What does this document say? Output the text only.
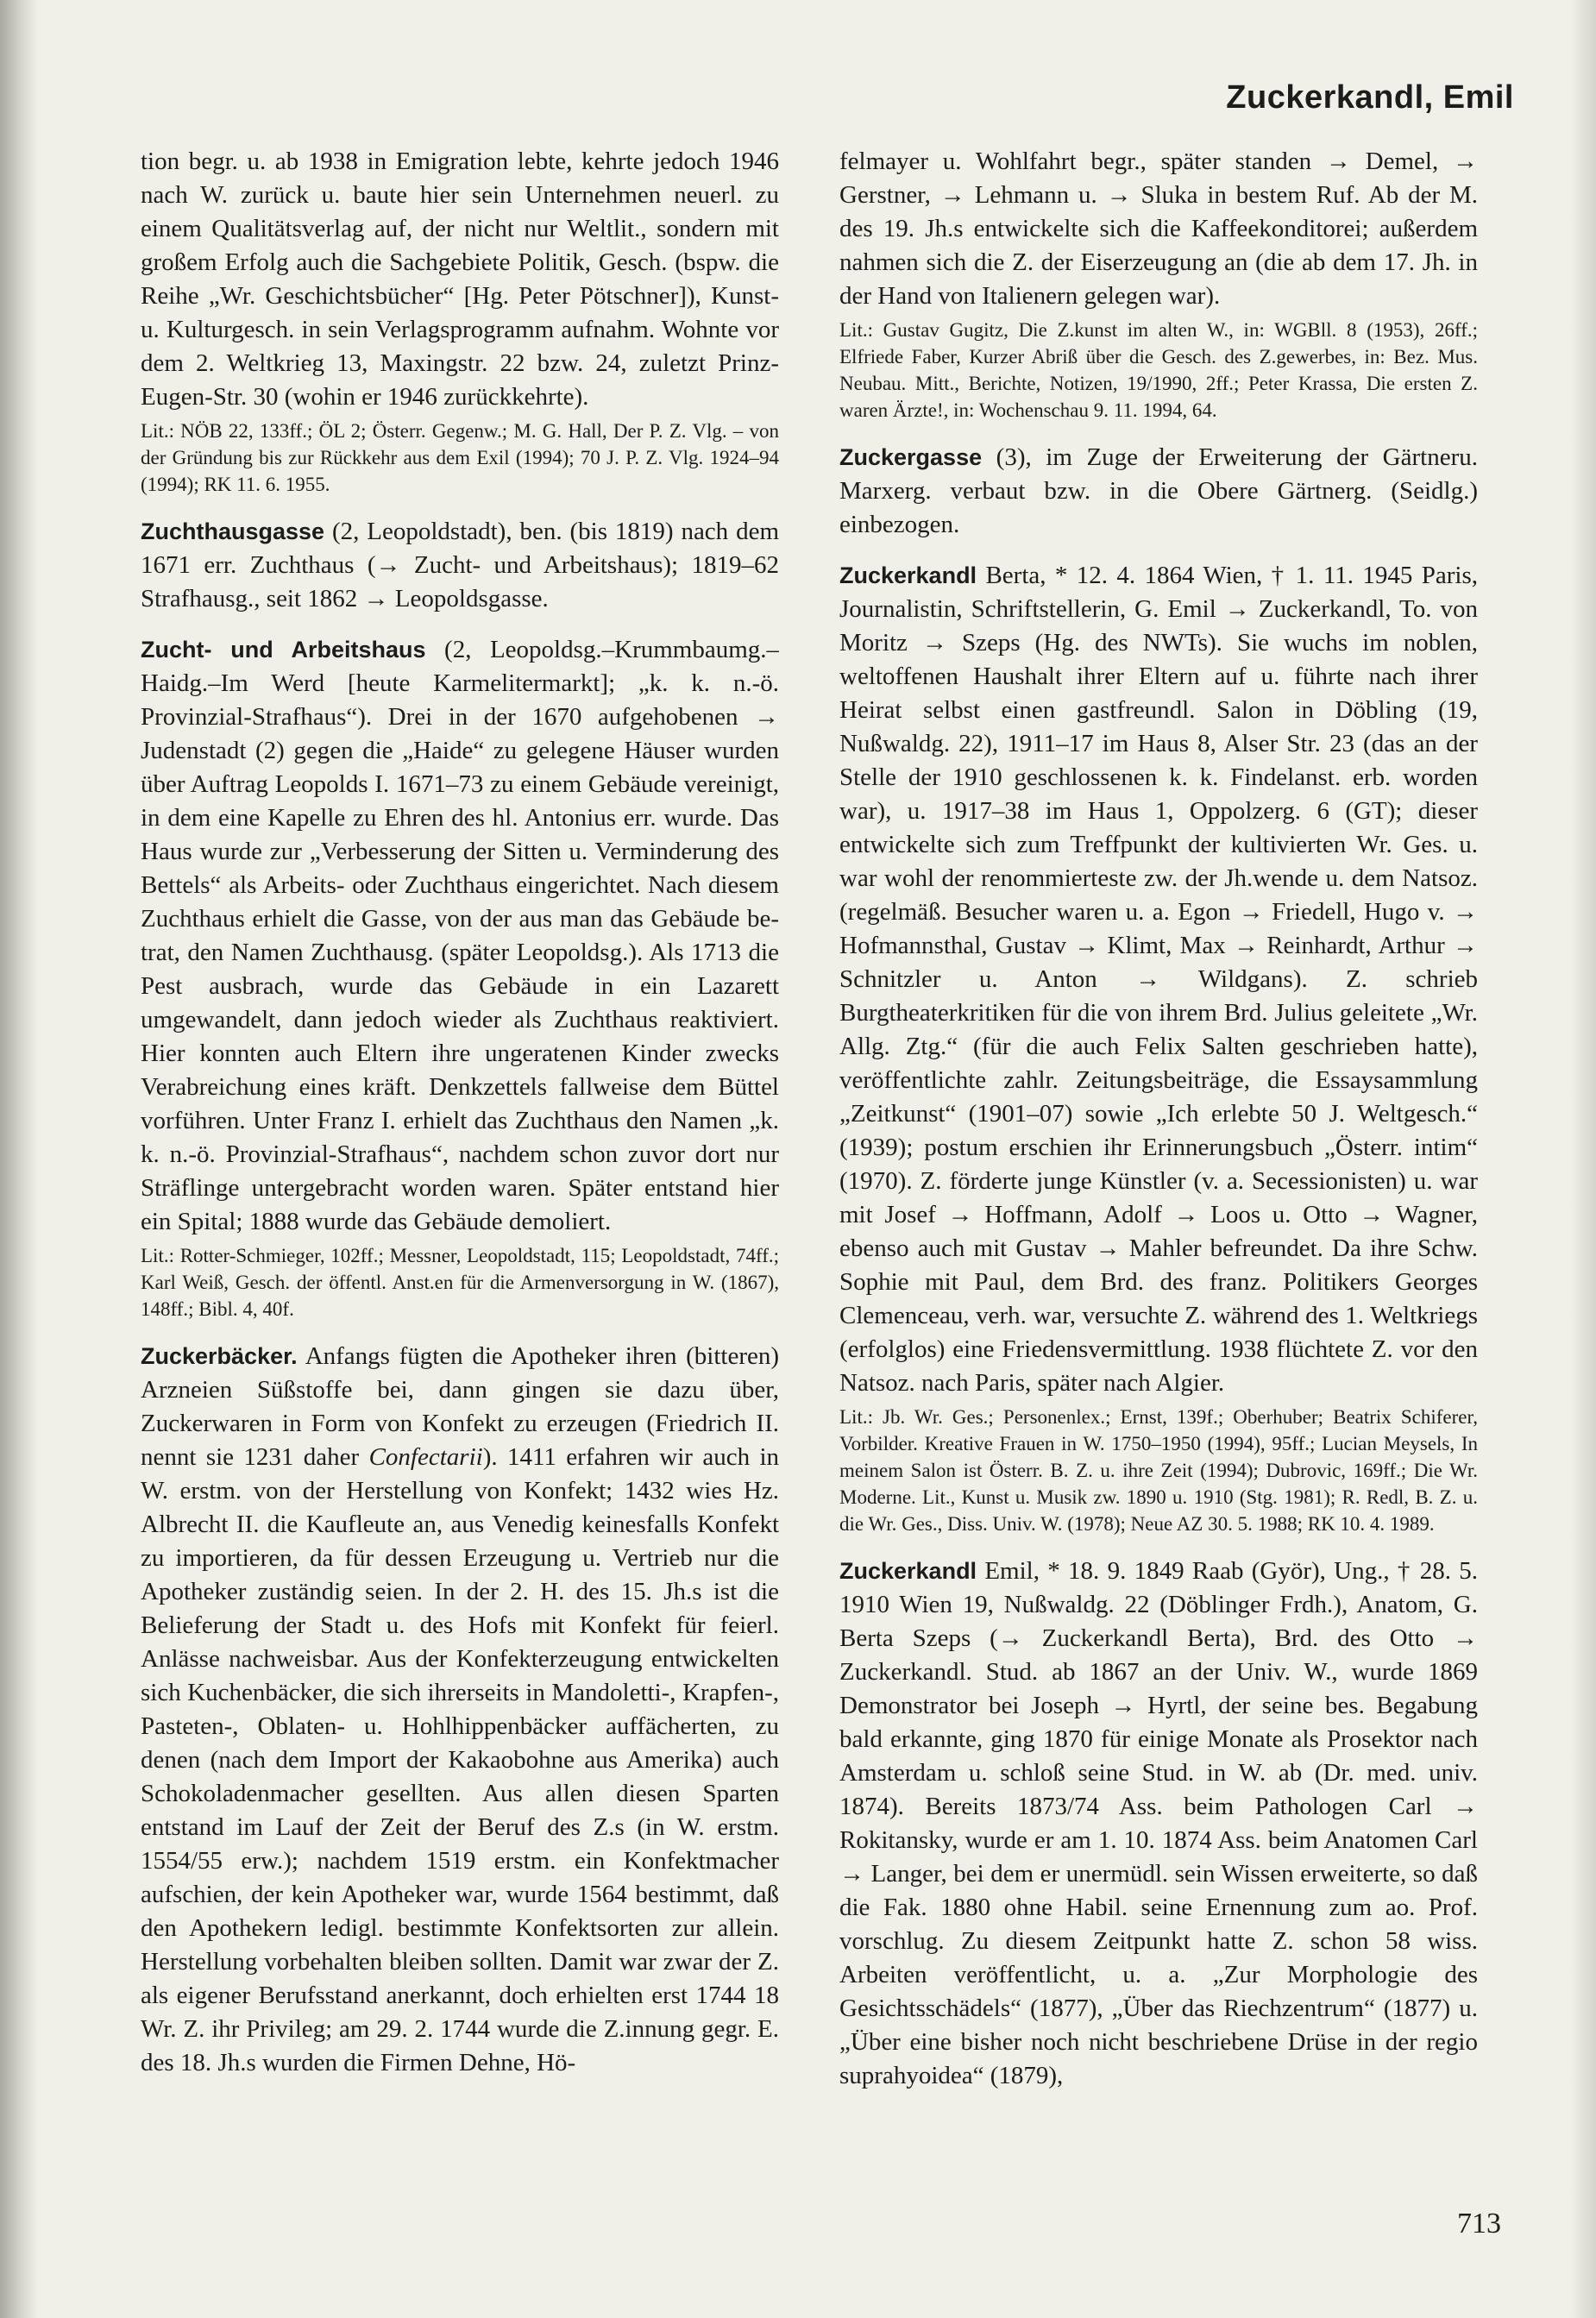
Zuckerkandl, Emil

tion begr. u. ab 1938 in Emigration lebte, kehrte jedoch 1946 nach W. zurück u. baute hier sein Unternehmen neuerl. zu einem Qualitätsverlag auf, der nicht nur Weltlit., sondern mit großem Erfolg auch die Sachgebiete Politik, Gesch. (bspw. die Reihe „Wr. Geschichtsbücher“ [Hg. Peter Pötschner]), Kunst- u. Kulturgesch. in sein Verlagsprogramm aufnahm. Wohnte vor dem 2. Weltkrieg 13, Maxingstr. 22 bzw. 24, zuletzt Prinz-Eugen-Str. 30 (wohin er 1946 zurückkehrte).

Lit.: NÖB 22, 133ff.; ÖL 2; Österr. Gegenw.; M. G. Hall, Der P. Z. Vlg. – von der Gründung bis zur Rückkehr aus dem Exil (1994); 70 J. P. Z. Vlg. 1924–94 (1994); RK 11. 6. 1955.

Zuchthausgasse (2, Leopoldstadt), ben. (bis 1819) nach dem 1671 err. Zuchthaus (→ Zucht- und Arbeitshaus); 1819–62 Strafhausg., seit 1862 → Leopoldsgasse.

Zucht- und Arbeitshaus (2, Leopoldsg.–Krummbaumg.–Haidg.–Im Werd [heute Karmelitermarkt]; „k. k. n.-ö. Provinzial-Strafhaus“). Drei in der 1670 aufgehobenen → Judenstadt (2) gegen die „Haide“ zu gelegene Häuser wurden über Auftrag Leopolds I. 1671–73 zu einem Gebäude vereinigt, in dem eine Kapelle zu Ehren des hl. Antonius err. wurde. Das Haus wurde zur „Verbesserung der Sitten u. Verminderung des Bettels“ als Arbeits- oder Zuchthaus eingerichtet. Nach diesem Zuchthaus erhielt die Gasse, von der aus man das Gebäude betrat, den Namen Zuchthausg. (später Leopoldsg.). Als 1713 die Pest ausbrach, wurde das Gebäude in ein Lazarett umgewandelt, dann jedoch wieder als Zuchthaus reaktiviert. Hier konnten auch Eltern ihre ungeratenen Kinder zwecks Verabreichung eines kräft. Denkzettels fallweise dem Büttel vorführen. Unter Franz I. erhielt das Zuchthaus den Namen „k. k. n.-ö. Provinzial-Strafhaus“, nachdem schon zuvor dort nur Sträflinge untergebracht worden waren. Später entstand hier ein Spital; 1888 wurde das Gebäude demoliert.

Lit.: Rotter-Schmieger, 102ff.; Messner, Leopoldstadt, 115; Leopoldstadt, 74ff.; Karl Weiß, Gesch. der öffentl. Anst.en für die Armenversorgung in W. (1867), 148ff.; Bibl. 4, 40f.

Zuckerbäcker. Anfangs fügten die Apotheker ihren (bitteren) Arzneien Süßstoffe bei, dann gingen sie dazu über, Zuckerwaren in Form von Konfekt zu erzeugen (Friedrich II. nennt sie 1231 daher Confectarii). 1411 erfahren wir auch in W. erstm. von der Herstellung von Konfekt; 1432 wies Hz. Albrecht II. die Kaufleute an, aus Venedig keinesfalls Konfekt zu importieren, da für dessen Erzeugung u. Vertrieb nur die Apotheker zuständig seien. In der 2. H. des 15. Jh.s ist die Belieferung der Stadt u. des Hofs mit Konfekt für feierl. Anlässe nachweisbar. Aus der Konfekterzeugung entwickelten sich Kuchenbäcker, die sich ihrerseits in Mandoletti-, Krapfen-, Pasteten-, Oblaten- u. Hohlhippenbäcker auffächerten, zu denen (nach dem Import der Kakaobohne aus Amerika) auch Schokoladenmacher gesellten. Aus allen diesen Sparten entstand im Lauf der Zeit der Beruf des Z.s (in W. erstm. 1554/55 erw.); nachdem 1519 erstm. ein Konfektmacher aufschien, der kein Apotheker war, wurde 1564 bestimmt, daß den Apothekern ledigl. bestimmte Konfektsorten zur allein. Herstellung vorbehalten bleiben sollten. Damit war zwar der Z. als eigener Berufsstand anerkannt, doch erhielten erst 1744 18 Wr. Z. ihr Privileg; am 29. 2. 1744 wurde die Z.innung gegr. E. des 18. Jh.s wurden die Firmen Dehne, Hö-

felmayer u. Wohlfahrt begr., später standen → Demel, → Gerstner, → Lehmann u. → Sluka in bestem Ruf. Ab der M. des 19. Jh.s entwickelte sich die Kaffeekonditorei; außerdem nahmen sich die Z. der Eiserzeugung an (die ab dem 17. Jh. in der Hand von Italienern gelegen war).

Lit.: Gustav Gugitz, Die Z.kunst im alten W., in: WGBll. 8 (1953), 26ff.; Elfriede Faber, Kurzer Abriß über die Gesch. des Z.gewerbes, in: Bez. Mus. Neubau. Mitt., Berichte, Notizen, 19/1990, 2ff.; Peter Krassa, Die ersten Z. waren Ärzte!, in: Wochenschau 9. 11. 1994, 64.

Zuckergasse (3), im Zuge der Erweiterung der Gärtneru. Marxerg. verbaut bzw. in die Obere Gärtnerg. (Seidlg.) einbezogen.

Zuckerkandl Berta, * 12. 4. 1864 Wien, † 1. 11. 1945 Paris, Journalistin, Schriftstellerin, G. Emil → Zuckerkandl, To. von Moritz → Szeps (Hg. des NWTs). Sie wuchs im noblen, weltoffenen Haushalt ihrer Eltern auf u. führte nach ihrer Heirat selbst einen gastfreundl. Salon in Döbling (19, Nußwaldg. 22), 1911–17 im Haus 8, Alser Str. 23 (das an der Stelle der 1910 geschlossenen k. k. Findelanst. erb. worden war), u. 1917–38 im Haus 1, Oppolzerg. 6 (GT); dieser entwickelte sich zum Treffpunkt der kultivierten Wr. Ges. u. war wohl der renommierteste zw. der Jh.wende u. dem Natsoz. (regelmäß. Besucher waren u. a. Egon → Friedell, Hugo v. → Hofmannsthal, Gustav → Klimt, Max → Reinhardt, Arthur → Schnitzler u. Anton → Wildgans). Z. schrieb Burgtheaterkritiken für die von ihrem Brd. Julius geleitete „Wr. Allg. Ztg.“ (für die auch Felix Salten geschrieben hatte), veröffentlichte zahlr. Zeitungsbeiträge, die Essaysammlung „Zeitkunst“ (1901–07) sowie „Ich erlebte 50 J. Weltgesch.“ (1939); postum erschien ihr Erinnerungsbuch „Österr. intim“ (1970). Z. förderte junge Künstler (v. a. Secessionisten) u. war mit Josef → Hoffmann, Adolf → Loos u. Otto → Wagner, ebenso auch mit Gustav → Mahler befreundet. Da ihre Schw. Sophie mit Paul, dem Brd. des franz. Politikers Georges Clemenceau, verh. war, versuchte Z. während des 1. Weltkriegs (erfolglos) eine Friedensvermittlung. 1938 flüchtete Z. vor den Natsoz. nach Paris, später nach Algier.

Lit.: Jb. Wr. Ges.; Personenlex.; Ernst, 139f.; Oberhuber; Beatrix Schiferer, Vorbilder. Kreative Frauen in W. 1750–1950 (1994), 95ff.; Lucian Meysels, In meinem Salon ist Österr. B. Z. u. ihre Zeit (1994); Dubrovic, 169ff.; Die Wr. Moderne. Lit., Kunst u. Musik zw. 1890 u. 1910 (Stg. 1981); R. Redl, B. Z. u. die Wr. Ges., Diss. Univ. W. (1978); Neue AZ 30. 5. 1988; RK 10. 4. 1989.

Zuckerkandl Emil, * 18. 9. 1849 Raab (Györ), Ung., † 28. 5. 1910 Wien 19, Nußwaldg. 22 (Döblinger Frdh.), Anatom, G. Berta Szeps (→ Zuckerkandl Berta), Brd. des Otto → Zuckerkandl. Stud. ab 1867 an der Univ. W., wurde 1869 Demonstrator bei Joseph → Hyrtl, der seine bes. Begabung bald erkannte, ging 1870 für einige Monate als Prosektor nach Amsterdam u. schloß seine Stud. in W. ab (Dr. med. univ. 1874). Bereits 1873/74 Ass. beim Pathologen Carl → Rokitansky, wurde er am 1. 10. 1874 Ass. beim Anatomen Carl → Langer, bei dem er unermüdl. sein Wissen erweiterte, so daß die Fak. 1880 ohne Habil. seine Ernennung zum ao. Prof. vorschlug. Zu diesem Zeitpunkt hatte Z. schon 58 wiss. Arbeiten veröffentlicht, u. a. „Zur Morphologie des Gesichtsschädels“ (1877), „Über das Riechzentrum“ (1877) u. „Über eine bisher noch nicht beschriebene Drüse in der regio suprahyoidea“ (1879),

713
